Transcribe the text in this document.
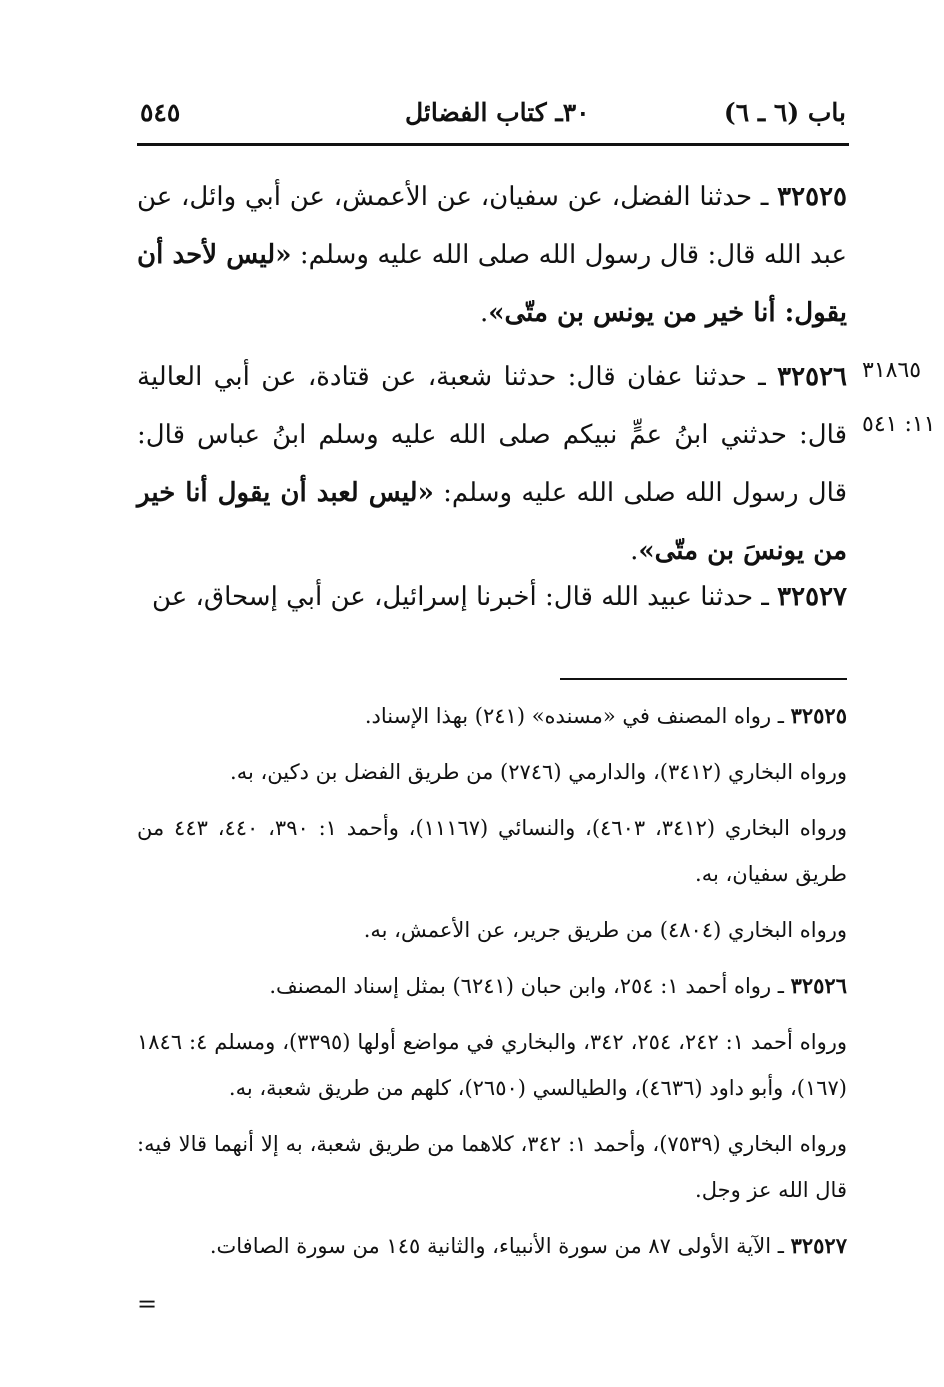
باب (٦ ـ ٦)
٣٠ـ كتاب الفضائل
٥٤٥
٣١٨٦٥
١١: ٥٤١
٣٢٥٢٥ ـ حدثنا الفضل، عن سفيان، عن الأعمش، عن أبي وائل، عن عبد الله قال: قال رسول الله صلى الله عليه وسلم: «ليس لأحد أن يقول: أنا خير من يونس بن متّى».
٣٢٥٢٦ ـ حدثنا عفان قال: حدثنا شعبة، عن قتادة، عن أبي العالية قال: حدثني ابنُ عمٍّ نبيكم صلى الله عليه وسلم ابنُ عباس قال: قال رسول الله صلى الله عليه وسلم: «ليس لعبد أن يقول أنا خير من يونسَ بن متّى».
٣٢٥٢٧ ـ حدثنا عبيد الله قال: أخبرنا إسرائيل، عن أبي إسحاق، عن

٣٢٥٢٥ ـ رواه المصنف في «مسنده» (٢٤١) بهذا الإسناد.

ورواه البخاري (٣٤١٢)، والدارمي (٢٧٤٦) من طريق الفضل بن دكين، به.

ورواه البخاري (٣٤١٢، ٤٦٠٣)، والنسائي (١١١٦٧)، وأحمد ١: ٣٩٠، ٤٤٠، ٤٤٣ من طريق سفيان، به.

ورواه البخاري (٤٨٠٤) من طريق جرير، عن الأعمش، به.

٣٢٥٢٦ ـ رواه أحمد ١: ٢٥٤، وابن حبان (٦٢٤١) بمثل إسناد المصنف.

ورواه أحمد ١: ٢٤٢، ٢٥٤، ٣٤٢، والبخاري في مواضع أولها (٣٣٩٥)، ومسلم ٤: ١٨٤٦ (١٦٧)، وأبو داود (٤٦٣٦)، والطيالسي (٢٦٥٠)، كلهم من طريق شعبة، به.

ورواه البخاري (٧٥٣٩)، وأحمد ١: ٣٤٢، كلاهما من طريق شعبة، به إلا أنهما قالا فيه: قال الله عز وجل.

٣٢٥٢٧ ـ الآية الأولى ٨٧ من سورة الأنبياء، والثانية ١٤٥ من سورة الصافات.

=
